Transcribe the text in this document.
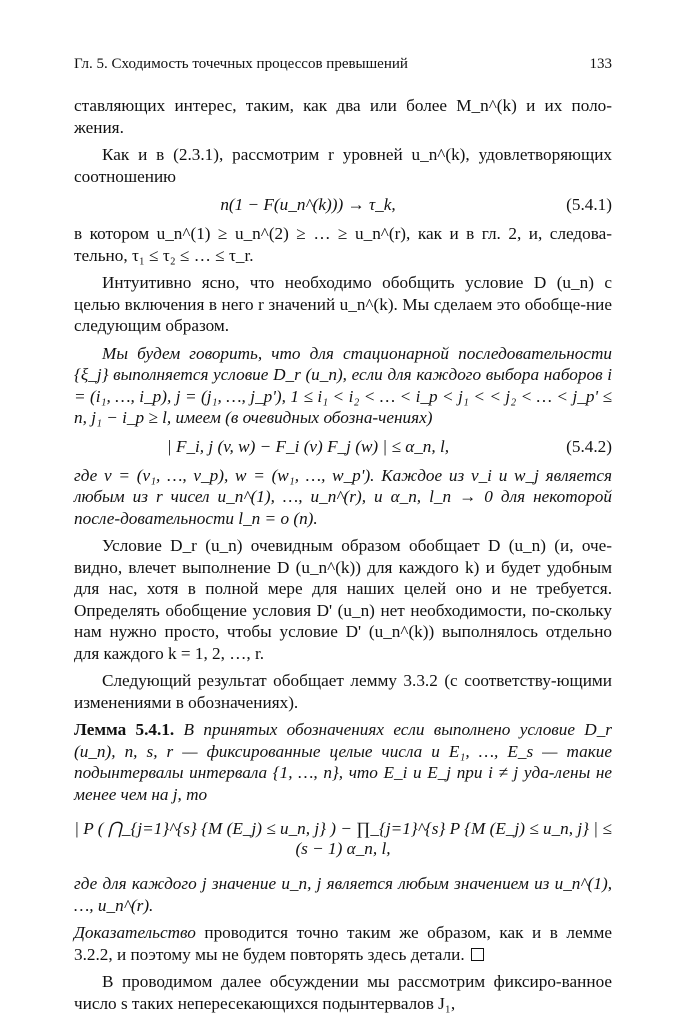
Гл. 5. Сходимость точечных процессов превышений	133

ставляющих интерес, таким, как два или более M_n^(k) и их поло-жения.

Как и в (2.3.1), рассмотрим r уровней u_n^(k), удовлетворяющих соотношению

n(1 − F(u_n^(k))) → τ_k,	(5.4.1)

в котором u_n^(1) ≥ u_n^(2) ≥ … ≥ u_n^(r), как и в гл. 2, и, следова-тельно, τ₁ ≤ τ₂ ≤ … ≤ τ_r.

Интуитивно ясно, что необходимо обобщить условие D (u_n) с целью включения в него r значений u_n^(k). Мы сделаем это обобще-ние следующим образом.

Мы будем говорить, что для стационарной последовательности {ξ_j} выполняется условие D_r (u_n), если для каждого выбора наборов i = (i₁, …, i_p), j = (j₁, …, j_p'), 1 ≤ i₁ < i₂ < … < i_p < j₁ < < j₂ < … < j_p' ≤ n, j₁ − i_p ≥ l, имеем (в очевидных обозна-чениях)

| F_i, j (v, w) − F_i (v) F_j (w) | ≤ α_n, l,	(5.4.2)

где v = (v₁, …, v_p), w = (w₁, …, w_p'). Каждое из v_i и w_j является любым из r чисел u_n^(1), …, u_n^(r), и α_n, l_n → 0 для некоторой после-довательности l_n = o (n).

Условие D_r (u_n) очевидным образом обобщает D (u_n) (и, оче-видно, влечет выполнение D (u_n^(k)) для каждого k) и будет удобным для нас, хотя в полной мере для наших целей оно и не требуется. Определять обобщение условия D' (u_n) нет необходимости, по-скольку нам нужно просто, чтобы условие D' (u_n^(k)) выполнялось отдельно для каждого k = 1, 2, …, r.

Следующий результат обобщает лемму 3.3.2 (с соответству-ющими изменениями в обозначениях).

Лемма 5.4.1. В принятых обозначениях если выполнено условие D_r (u_n), n, s, r — фиксированные целые числа и E₁, …, E_s — такие подынтервалы интервала {1, …, n}, что E_i и E_j при i ≠ j уда-лены не менее чем на j, то

| P ( ⋂_{j=1}^{s} {M (E_j) ≤ u_n, j} ) − ∏_{j=1}^{s} P {M (E_j) ≤ u_n, j} | ≤ (s − 1) α_n, l,

где для каждого j значение u_n, j является любым значением из u_n^(1), …, u_n^(r).

Доказательство проводится точно таким же образом, как и в лемме 3.2.2, и поэтому мы не будем повторять здесь детали.

В проводимом далее обсуждении мы рассмотрим фиксиро-ванное число s таких непересекающихся подынтервалов J₁,
